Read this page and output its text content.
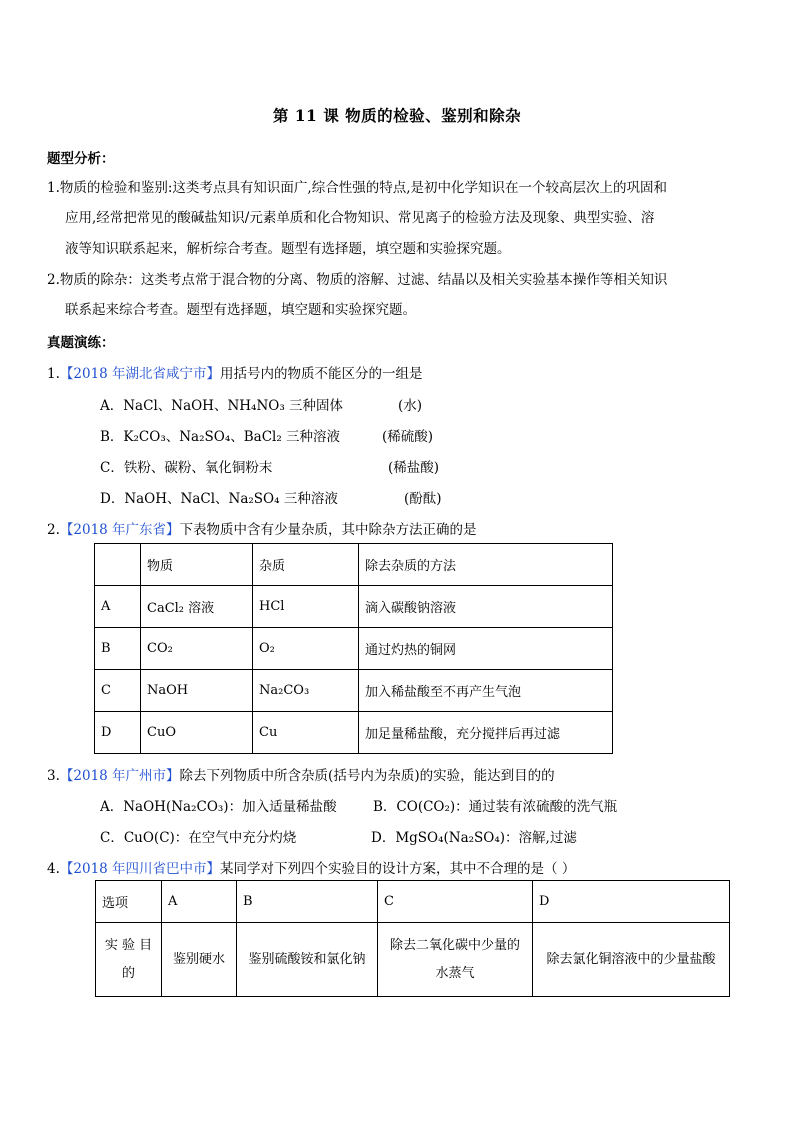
第 11 课 物质的检验、鉴别和除杂
题型分析：
1.物质的检验和鉴别:这类考点具有知识面广,综合性强的特点,是初中化学知识在一个较高层次上的巩固和
应用,经常把常见的酸碱盐知识/元素单质和化合物知识、常见离子的检验方法及现象、典型实验、溶
液等知识联系起来，解析综合考查。题型有选择题，填空题和实验探究题。
2.物质的除杂：这类考点常于混合物的分离、物质的溶解、过滤、结晶以及相关实验基本操作等相关知识
联系起来综合考查。题型有选择题，填空题和实验探究题。
真题演练：
1.【2018 年湖北省咸宁市】用括号内的物质不能区分的一组是
A．NaCl、NaOH、NH₄NO₃ 三种固体	(水)
B．K₂CO₃、Na₂SO₄、BaCl₂ 三种溶液	(稀硫酸)
C．铁粉、碳粉、氧化铜粉末	(稀盐酸)
D．NaOH、NaCl、Na₂SO₄ 三种溶液	(酚酞)
2.【2018 年广东省】下表物质中含有少量杂质，其中除杂方法正确的是
	物质	杂质	除去杂质的方法
A	CaCl₂ 溶液	HCl	滴入碳酸钠溶液
B	CO₂	O₂	通过灼热的铜网
C	NaOH	Na₂CO₃	加入稀盐酸至不再产生气泡
D	CuO	Cu	加足量稀盐酸，充分搅拌后再过滤
3.【2018 年广州市】除去下列物质中所含杂质(括号内为杂质)的实验，能达到目的的
A．NaOH(Na₂CO₃)：加入适量稀盐酸	B．CO(CO₂)：通过装有浓硫酸的洗气瓶
C．CuO(C)：在空气中充分灼烧	D．MgSO₄(Na₂SO₄)：溶解,过滤
4.【2018 年四川省巴中市】某同学对下列四个实验目的设计方案，其中不合理的是（ ）
选项	A	B	C	D
实 验 目 的	鉴别硬水	鉴别硫酸铵和氯化钠	除去二氧化碳中少量的水蒸气	除去氯化铜溶液中的少量盐酸
